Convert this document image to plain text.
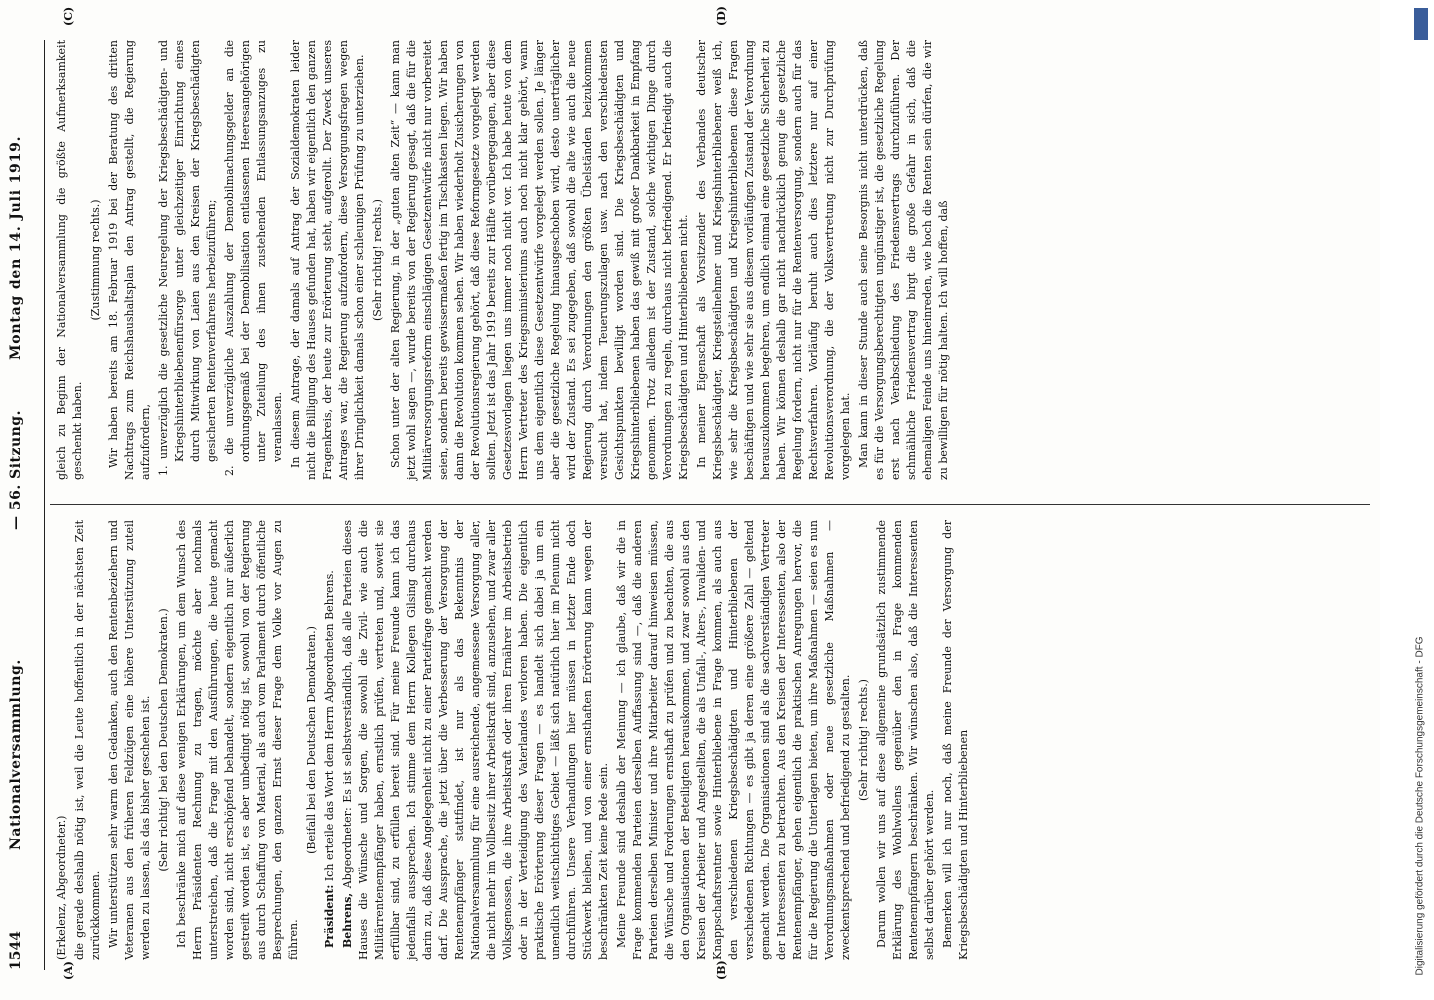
1544
Nationalversammlung.
— 56. Sitzung.
Montag den 14. Juli 1919.
(A)	(B)
(C)	(D)

(Erkelenz, Abgeordneter.) die gerade deshalb nötig ist, weil die Leute hoffentlich in der nächsten Zeit zurückkommen. Wir unterstützen sehr warm den Gedanken, auch den Rentenbeziehern und Veteranen aus den früheren Feldzügen eine höhere Unterstützung zuteil werden zu lassen, als das bisher geschehen ist. (Sehr richtig! bei den Deutschen Demokraten.) Ich beschränke mich auf diese wenigen Erklärungen, um dem Wunsch des Herrn Präsidenten Rechnung zu tragen, möchte aber nochmals unterstreichen, daß die Frage mit den Ausführungen, die heute gemacht worden sind, nicht erschöpfend behandelt, sondern eigentlich nur äußerlich gestreift worden ist, es aber unbedingt nötig ist, sowohl von der Regierung aus durch Schaffung von Material, als auch vom Parlament durch öffentliche Besprechungen, den ganzen Ernst dieser Frage dem Volke vor Augen zu führen.

(Beifall bei den Deutschen Demokraten.)

Präsident: Ich erteile das Wort dem Herrn Abgeordneten Behrens.

Behrens, Abgeordneter: Es ist selbstverständlich, daß alle Parteien dieses Hauses die Wünsche und Sorgen, die sowohl die Zivil- wie auch die Militärrentenempfänger haben, ernstlich prüfen, vertreten und, soweit sie erfüllbar sind, zu erfüllen bereit sind. Für meine Freunde kann ich das jedenfalls aussprechen. Ich stimme dem Herrn Kollegen Gilsing durchaus darin zu, daß diese Angelegenheit nicht zu einer Parteifrage gemacht werden darf. Die Aussprache, die jetzt über die Verbesserung der Versorgung der Rentenempfänger stattfindet, ist nur als das Bekenntnis der Nationalversammlung für eine ausreichende, angemessene Versorgung aller, die nicht mehr im Vollbesitz ihrer Arbeitskraft sind, anzusehen, und zwar aller Volksgenossen, die ihre Arbeitskraft oder ihren Ernährer im Arbeitsbetrieb oder in der Verteidigung des Vaterlandes verloren haben. Die eigentlich praktische Erörterung dieser Fragen — es handelt sich dabei ja um ein unendlich weitschichtiges Gebiet — läßt sich natürlich hier im Plenum nicht durchführen. Unsere Verhandlungen hier müssen in letzter Ende doch Stückwerk bleiben, und von einer ernsthaften Erörterung kann wegen der beschränkten Zeit keine Rede sein. Meine Freunde sind deshalb der Meinung — ich glaube, daß wir die in Frage kommenden Parteien derselben Auffassung sind —, daß die anderen Parteien derselben Minister und ihre Mitarbeiter darauf hinweisen müssen, die Wünsche und Forderungen ernsthaft zu prüfen und zu beachten, die aus den Organisationen der Beteiligten herauskommen, und zwar sowohl aus den Kreisen der Arbeiter und Angestellten, die als Unfall-, Alters-, Invaliden- und Knappschaftsrentner sowie Hinterbliebene in Frage kommen, als auch aus den verschiedenen Kriegsbeschädigten und Hinterbliebenen der verschiedenen Richtungen — es gibt ja deren eine größere Zahl — geltend gemacht werden. Die Organisationen sind als die sachverständigen Vertreter der Interessenten zu betrachten. Aus den Kreisen der Interessenten, also der Rentenempfänger, gehen eigentlich die praktischen Anregungen hervor, die für die Regierung die Unterlagen bieten, um ihre Maßnahmen — seien es nun Verordnungsmaßnahmen oder neue gesetzliche Maßnahmen — zweckentsprechend und befriedigend zu gestalten. (Sehr richtig! rechts.) Darum wollen wir uns auf diese allgemeine grundsätzlich zustimmende Erklärung des Wohlwollens gegenüber den in Frage kommenden Rentenempfängern beschränken. Wir wünschen also, daß die Interessenten selbst darüber gehört werden. Bemerken will ich nur noch, daß meine Freunde der Versorgung der Kriegsbeschädigten und Hinterbliebenen

gleich zu Beginn der Nationalversammlung die größte Aufmerksamkeit geschenkt haben.

(Zustimmung rechts.) Wir haben bereits am 18. Februar 1919 bei der Beratung des dritten Nachtrags zum Reichshaushaltsplan den Antrag gestellt, die Regierung aufzufordern, 1. unverzüglich die gesetzliche Neuregelung der Kriegsbeschädigten- und Kriegshinterbliebenenfürsorge unter gleichzeitiger Einrichtung eines durch Mitwirkung von Laien aus den Kreisen der Kriegsbeschädigten gesicherten Rentenverfahrens herbeizuführen; 2. die unverzügliche Auszahlung der Demobilmachungsgelder an die ordnungsgemäß bei der Demobilisation entlassenen Heeresangehörigen unter Zuteilung des ihnen zustehenden Entlassungsanzuges zu veranlassen. In diesem Antrage, der damals auf Antrag der Sozialdemokraten leider nicht die Billigung des Hauses gefunden hat, haben wir eigentlich den ganzen Fragenkreis, der heute zur Erörterung steht, aufgerollt. Der Zweck unseres Antrages war, die Regierung aufzufordern, diese Versorgungsfragen wegen ihrer Dringlichkeit damals schon einer schleunigen Prüfung zu unterziehen. (Sehr richtig! rechts.) Schon unter der alten Regierung, in der „guten alten Zeit“ — kann man jetzt wohl sagen —, wurde bereits von der Regierung gesagt, daß die für die Militärversorgungsreform einschlägigen Gesetzentwürfe nicht nur vorbereitet seien, sondern bereits gewissermaßen fertig im Tischkasten liegen. Wir haben dann die Revolution kommen sehen. Wir haben wiederholt Zusicherungen von der Revolutionsregierung gehört, daß diese Reformgesetze vorgelegt werden sollten. Jetzt ist das Jahr 1919 bereits zur Hälfte vorübergegangen, aber diese Gesetzesvorlagen liegen uns immer noch nicht vor. Ich habe heute von dem Herrn Vertreter des Kriegsministeriums auch noch nicht klar gehört, wann uns dem eigentlich diese Gesetzentwürfe vorgelegt werden sollen. Je länger aber die gesetzliche Regelung hinausgeschoben wird, desto unerträglicher wird der Zustand. Es sei zugegeben, daß sowohl die alte wie auch die neue Regierung durch Verordnungen den größten Übelständen beizukommen versucht hat, indem Teuerungszulagen usw. nach den verschiedensten Gesichtspunkten bewilligt worden sind. Die Kriegsbeschädigten und Kriegshinterbliebenen haben das gewiß mit großer Dankbarkeit in Empfang genommen. Trotz alledem ist der Zustand, solche wichtigen Dinge durch Verordnungen zu regeln, durchaus nicht befriedigend. Er befriedigt auch die Kriegsbeschädigten und Hinterbliebenen nicht. In meiner Eigenschaft als Vorsitzender des Verbandes deutscher Kriegsbeschädigter, Kriegsteilnehmer und Kriegshinterbliebener weiß ich, wie sehr die Kriegsbeschädigten und Kriegshinterbliebenen diese Fragen beschäftigen und wie sehr sie aus diesem vorläufigen Zustand der Verordnung herauszukommen begehren, um endlich einmal eine gesetzliche Sicherheit zu haben. Wir können deshalb gar nicht nachdrücklich genug die gesetzliche Regelung fordern, nicht nur für die Rentenversorgung, sondern auch für das Rechtsverfahren. Vorläufig beruht auch dies letztere nur auf einer Revolutionsverordnung, die der Volksvertretung nicht zur Durchprüfung vorgelegen hat. Man kann in dieser Stunde auch seine Besorgnis nicht unterdrücken, daß es für die Versorgungsberechtigten ungünstiger ist, die gesetzliche Regelung erst nach Verabschiedung des Friedensvertrags durchzuführen. Der schmähliche Friedensvertrag birgt die große Gefahr in sich, daß die ehemaligen Feinde uns hineinreden, wie hoch die Renten sein dürfen, die wir zu bewilligen für nötig halten. Ich will hoffen, daß

Digitalisierung gefördert durch die Deutsche Forschungsgemeinschaft - DFG
